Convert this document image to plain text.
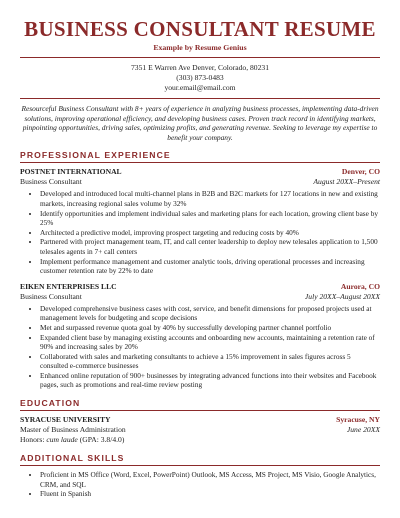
BUSINESS CONSULTANT RESUME
Example by Resume Genius
7351 E Warren Ave Denver, Colorado, 80231
(303) 873-0483
your.email@email.com
Resourceful Business Consultant with 8+ years of experience in analyzing business processes, implementing data-driven solutions, improving operational efficiency, and developing business cases. Proven track record in identifying markets, pinpointing opportunities, driving sales, optimizing profits, and generating revenue. Seeking to leverage my expertise to benefit your company.
PROFESSIONAL EXPERIENCE
POSTNET INTERNATIONAL	Denver, CO
Business Consultant	August 20XX–Present
• Developed and introduced local multi-channel plans in B2B and B2C markets for 127 locations in new and existing markets, increasing regional sales volume by 32%
• Identify opportunities and implement individual sales and marketing plans for each location, growing client base by 25%
• Architected a predictive model, improving prospect targeting and reducing costs by 40%
• Partnered with project management team, IT, and call center leadership to deploy new telesales application to 1,500 telesales agents in 7+ call centers
• Implement performance management and customer analytic tools, driving operational processes and increasing customer retention rate by 22% to date
EIKEN ENTERPRISES LLC	Aurora, CO
Business Consultant	July 20XX–August 20XX
• Developed comprehensive business cases with cost, service, and benefit dimensions for proposed projects used at management levels for budgeting and scope decisions
• Met and surpassed revenue quota goal by 40% by successfully developing partner channel portfolio
• Expanded client base by managing existing accounts and onboarding new accounts, maintaining a retention rate of 90% and increasing sales by 20%
• Collaborated with sales and marketing consultants to achieve a 15% improvement in sales figures across 5 consulted e-commerce businesses
• Enhanced online reputation of 900+ businesses by integrating advanced functions into their websites and Facebook pages, such as promotions and real-time review posting
EDUCATION
SYRACUSE UNIVERSITY	Syracuse, NY
Master of Business Administration	June 20XX
Honors: cum laude (GPA: 3.8/4.0)
ADDITIONAL SKILLS
• Proficient in MS Office (Word, Excel, PowerPoint) Outlook, MS Access, MS Project, MS Visio, Google Analytics, CRM, and SQL
• Fluent in Spanish
